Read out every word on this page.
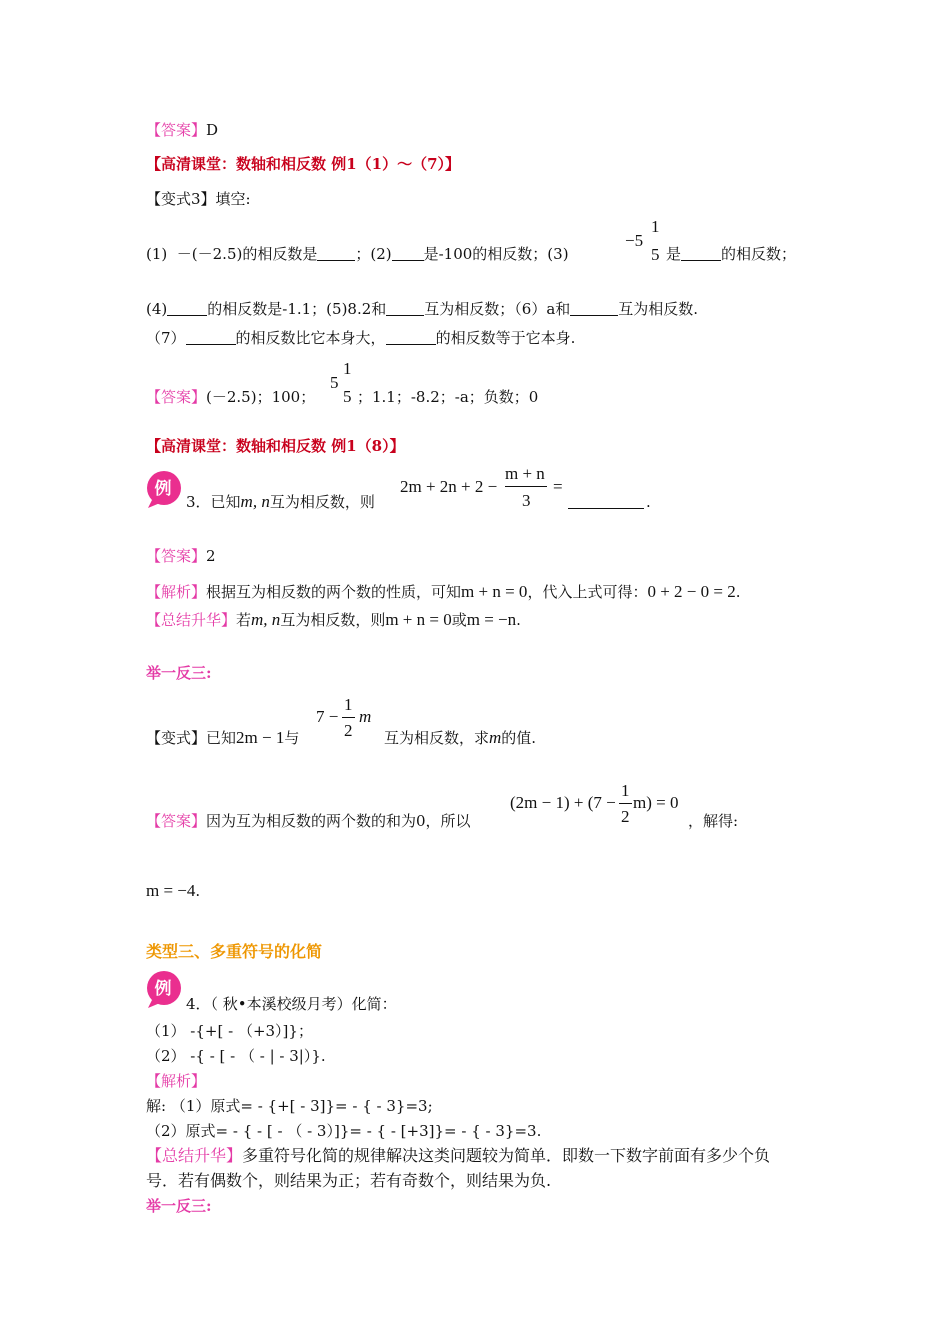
【答案】D
【高清课堂：数轴和相反数 例1（1）～（7）】
【变式3】填空:
(1)  －(－2.5)的相反数是	；(2) 是-100的相反数；(3)
−5
1
5 是	的相反数；
(4)	的相反数是-1.1；(5)8.2和	互为相反数；（6）a和	互为相反数.
（7）	的相反数比它本身大，	的相反数等于它本身.
【答案】(－2.5)；100；
5
1
5 ；1.1；-8.2；-a；负数；0
【高清课堂：数轴和相反数 例1（8）】
例
3．已知m, n互为相反数，则
2m + 2n + 2 −
m + n
3
=
.
【答案】2
【解析】根据互为相反数的两个数的性质，可知m + n = 0，代入上式可得：0 + 2 − 0 = 2.
【总结升华】若m, n互为相反数，则m + n = 0或m = −n.
举一反三:
【变式】已知2m − 1与
7 −
1
2
m
互为相反数，求m的值.
(2m − 1) + (7 −
1
2
m) = 0
【答案】因为互为相反数的两个数的和为0，所以	，解得:
m = −4.
类型三、多重符号的化简
例
4．（ 秋•本溪校级月考）化简：
（1） -{+[ - （+3）]}；
（2） -{ - [ - （ - | - 3|）}.
【解析】
解: （1）原式= - {+[ - 3]}= - { - 3}=3;
（2）原式= - { - [ - （ - 3）]}= - { - [+3]}= - { - 3}=3.
【总结升华】多重符号化简的规律解决这类问题较为简单．即数一下数字前面有多少个负
号．若有偶数个，则结果为正；若有奇数个，则结果为负.
举一反三:
